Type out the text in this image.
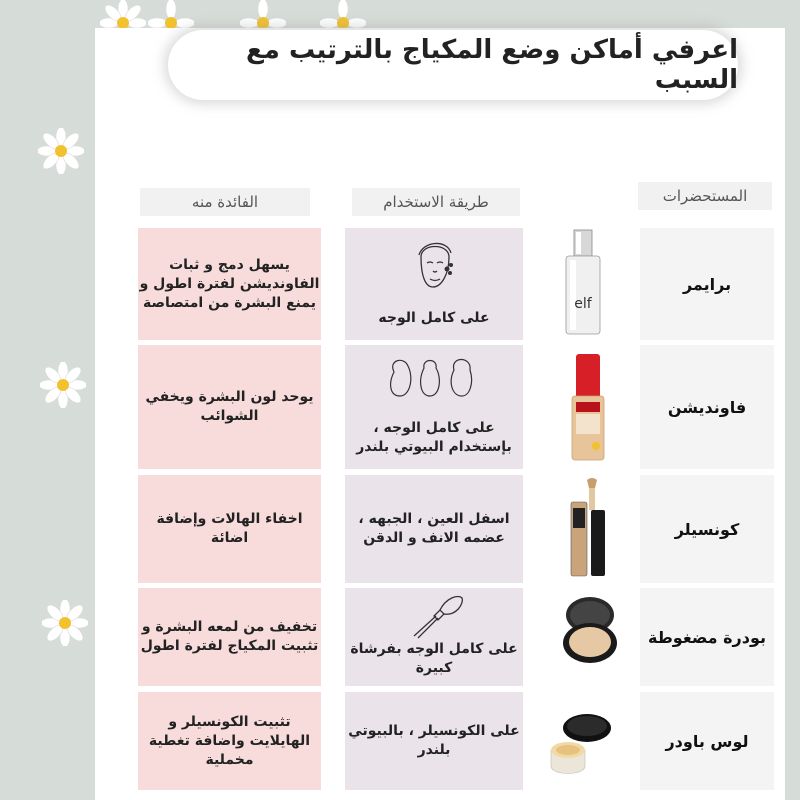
اعرفي أماكن وضع المكياج بالترتيب مع السبب
المستحضرات
طريقة الاستخدام
الفائدة منه
برايمر
على كامل الوجه
يسهل دمج و ثبات الفاونديشن لفترة اطول و يمنع البشرة من امتصاصة
فاونديشن
على كامل الوجه ، بإستخدام البيوتي بلندر
يوحد لون البشرة ويخفي الشوائب
كونسيلر
اسفل العين ، الجبهه ، عضمه الانف و الدقن
اخفاء الهالات وإضافة اضائة
بودرة مضغوطة
على كامل الوجه بفرشاة كبيرة
تخفيف من لمعه البشرة و تثبيت المكياج لفترة اطول
لوس باودر
على الكونسيلر ، بالبيوتي بلندر
تثبيت الكونسيلر و الهايلايت واضافة تغطية مخملية
elf
